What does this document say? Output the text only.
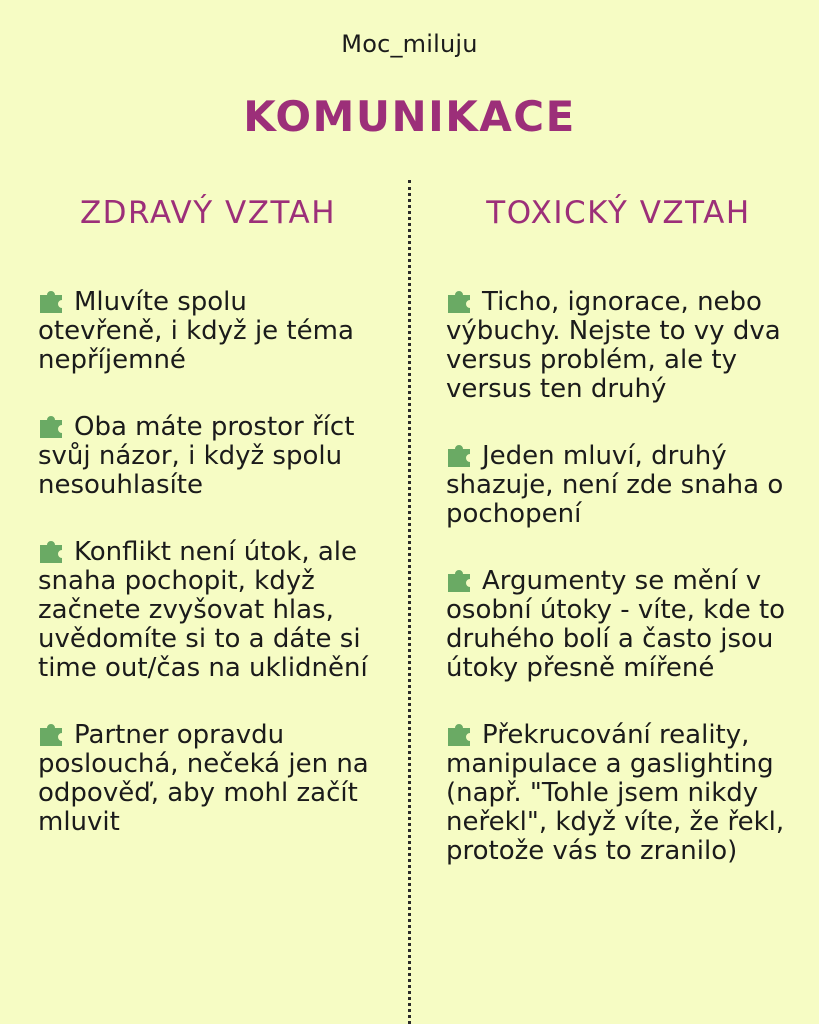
Moc_miluju
KOMUNIKACE
ZDRAVÝ VZTAH
Mluvíte spolu otevřeně, i když je téma nepříjemné
Oba máte prostor říct svůj názor, i když spolu nesouhlasíte
Konflikt není útok, ale snaha pochopit, když začnete zvyšovat hlas, uvědomíte si to a dáte si time out/čas na uklidnění
Partner opravdu poslouchá, nečeká jen na odpověď, aby mohl začít mluvit
TOXICKÝ VZTAH
Ticho, ignorace, nebo výbuchy. Nejste to vy dva versus problém, ale ty versus ten druhý
Jeden mluví, druhý shazuje, není zde snaha o pochopení
Argumenty se mění v osobní útoky - víte, kde to druhého bolí a často jsou útoky přesně mířené
Překrucování reality, manipulace a gaslighting (např. "Tohle jsem nikdy neřekl", když víte, že řekl, protože vás to zranilo)
